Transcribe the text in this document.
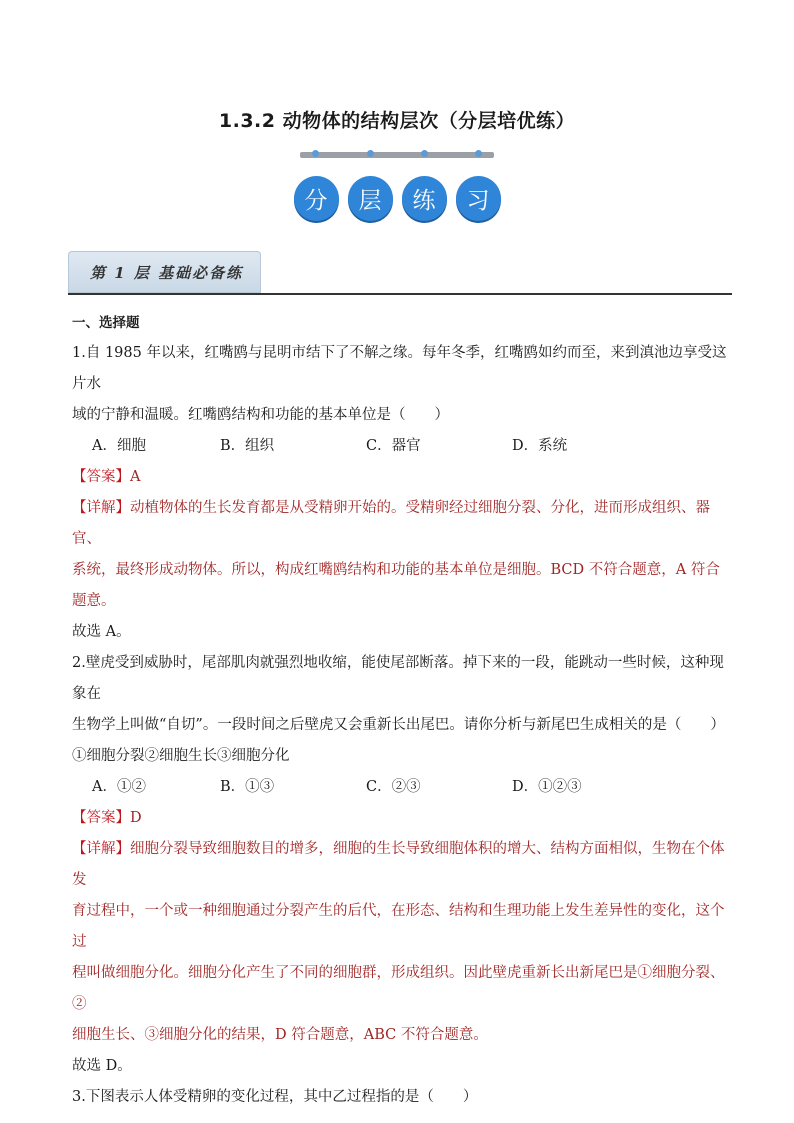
1.3.2 动物体的结构层次（分层培优练）
分	层	练	习
第 1 层 基础必备练
一、选择题

1.自 1985 年以来，红嘴鸥与昆明市结下了不解之缘。每年冬季，红嘴鸥如约而至，来到滇池边享受这片水

域的宁静和温暖。红嘴鸥结构和功能的基本单位是（　　）

A．细胞	B．组织	C．器官	D．系统

【答案】A

【详解】动植物体的生长发育都是从受精卵开始的。受精卵经过细胞分裂、分化，进而形成组织、器官、

系统，最终形成动物体。所以，构成红嘴鸥结构和功能的基本单位是细胞。BCD 不符合题意，A 符合题意。

故选 A。

2.壁虎受到威胁时，尾部肌肉就强烈地收缩，能使尾部断落。掉下来的一段，能跳动一些时候，这种现象在

生物学上叫做“自切”。一段时间之后壁虎又会重新长出尾巴。请你分析与新尾巴生成相关的是（　　）

①细胞分裂②细胞生长③细胞分化

A．①②	B．①③	C．②③	D．①②③

【答案】D

【详解】细胞分裂导致细胞数目的增多，细胞的生长导致细胞体积的增大、结构方面相似，生物在个体发

育过程中，一个或一种细胞通过分裂产生的后代，在形态、结构和生理功能上发生差异性的变化，这个过

程叫做细胞分化。细胞分化产生了不同的细胞群，形成组织。因此壁虎重新长出新尾巴是①细胞分裂、②

细胞生长、③细胞分化的结果，D 符合题意，ABC 不符合题意。

故选 D。

3.下图表示人体受精卵的变化过程，其中乙过程指的是（　　）
